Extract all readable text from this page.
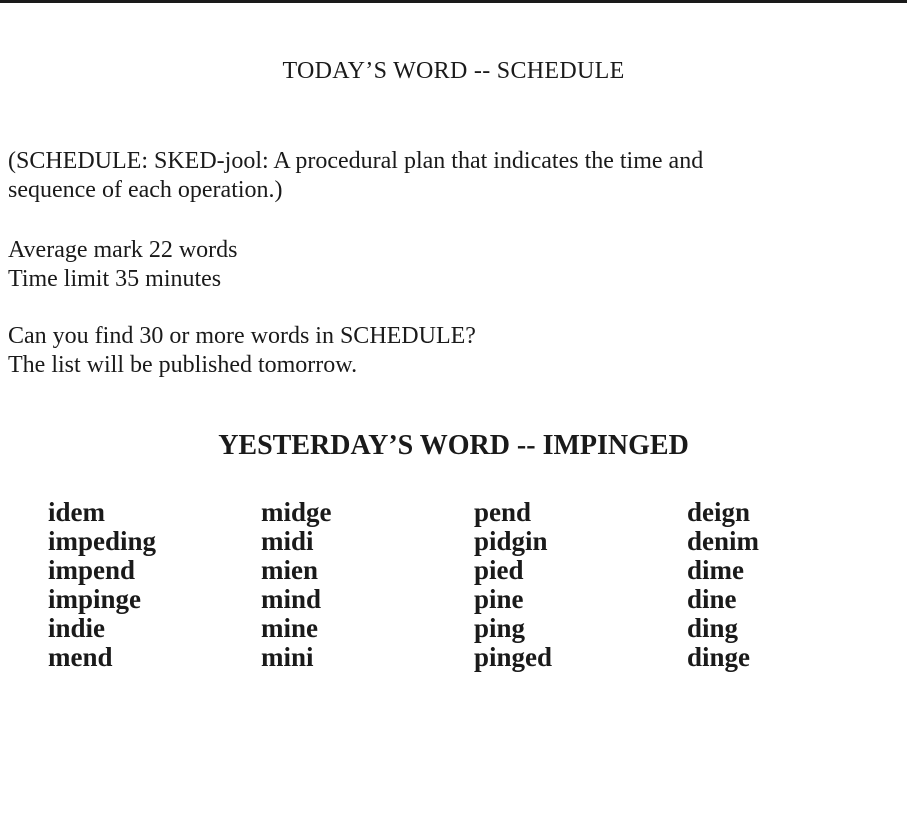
TODAY’S WORD -- SCHEDULE

(SCHEDULE: SKED-jool: A procedural plan that indicates the time and
sequence of each operation.)

Average mark 22 words
Time limit 35 minutes

Can you find 30 or more words in SCHEDULE?
The list will be published tomorrow.

YESTERDAY’S WORD -- IMPINGED
idem
impeding
impend
impinge
indie
mend
midge
midi
mien
mind
mine
mini
pend
pidgin
pied
pine
ping
pinged
deign
denim
dime
dine
ding
dinge
